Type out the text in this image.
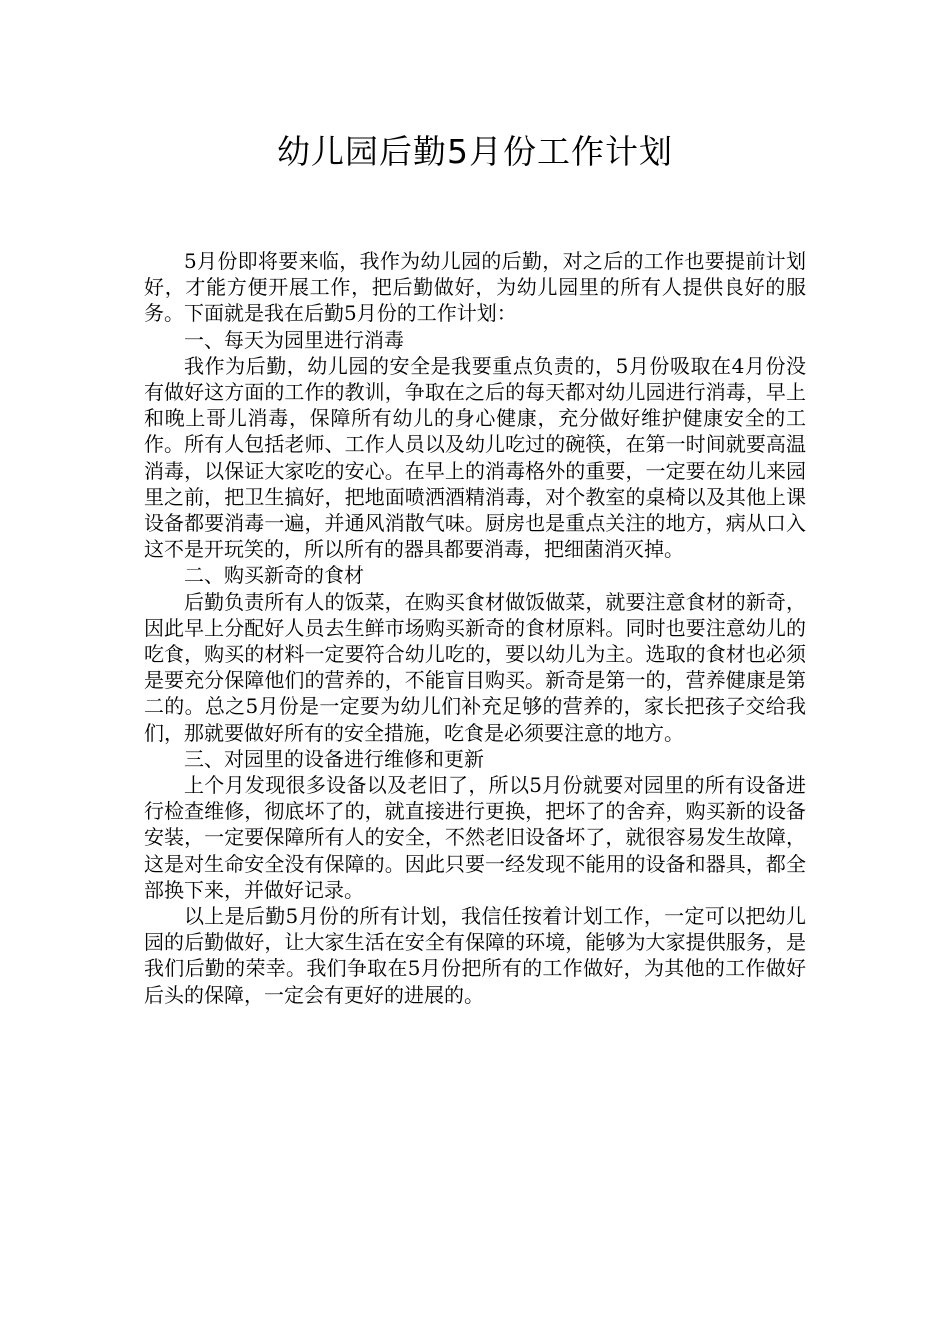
幼儿园后勤5月份工作计划

5月份即将要来临，我作为幼儿园的后勤，对之后的工作也要提前计划好，才能方便开展工作，把后勤做好，为幼儿园里的所有人提供良好的服务。下面就是我在后勤5月份的工作计划：

一、每天为园里进行消毒

我作为后勤，幼儿园的安全是我要重点负责的，5月份吸取在4月份没有做好这方面的工作的教训，争取在之后的每天都对幼儿园进行消毒，早上和晚上哥儿消毒，保障所有幼儿的身心健康，充分做好维护健康安全的工作。所有人包括老师、工作人员以及幼儿吃过的碗筷，在第一时间就要高温消毒，以保证大家吃的安心。在早上的消毒格外的重要，一定要在幼儿来园里之前，把卫生搞好，把地面喷洒酒精消毒，对个教室的桌椅以及其他上课设备都要消毒一遍，并通风消散气味。厨房也是重点关注的地方，病从口入这不是开玩笑的，所以所有的器具都要消毒，把细菌消灭掉。

二、购买新奇的食材

后勤负责所有人的饭菜，在购买食材做饭做菜，就要注意食材的新奇，因此早上分配好人员去生鲜市场购买新奇的食材原料。同时也要注意幼儿的吃食，购买的材料一定要符合幼儿吃的，要以幼儿为主。选取的食材也必须是要充分保障他们的营养的，不能盲目购买。新奇是第一的，营养健康是第二的。总之5月份是一定要为幼儿们补充足够的营养的，家长把孩子交给我们，那就要做好所有的安全措施，吃食是必须要注意的地方。

三、对园里的设备进行维修和更新

上个月发现很多设备以及老旧了，所以5月份就要对园里的所有设备进行检查维修，彻底坏了的，就直接进行更换，把坏了的舍弃，购买新的设备安装，一定要保障所有人的安全，不然老旧设备坏了，就很容易发生故障，这是对生命安全没有保障的。因此只要一经发现不能用的设备和器具，都全部换下来，并做好记录。

以上是后勤5月份的所有计划，我信任按着计划工作，一定可以把幼儿园的后勤做好，让大家生活在安全有保障的环境，能够为大家提供服务，是我们后勤的荣幸。我们争取在5月份把所有的工作做好，为其他的工作做好后头的保障，一定会有更好的进展的。
